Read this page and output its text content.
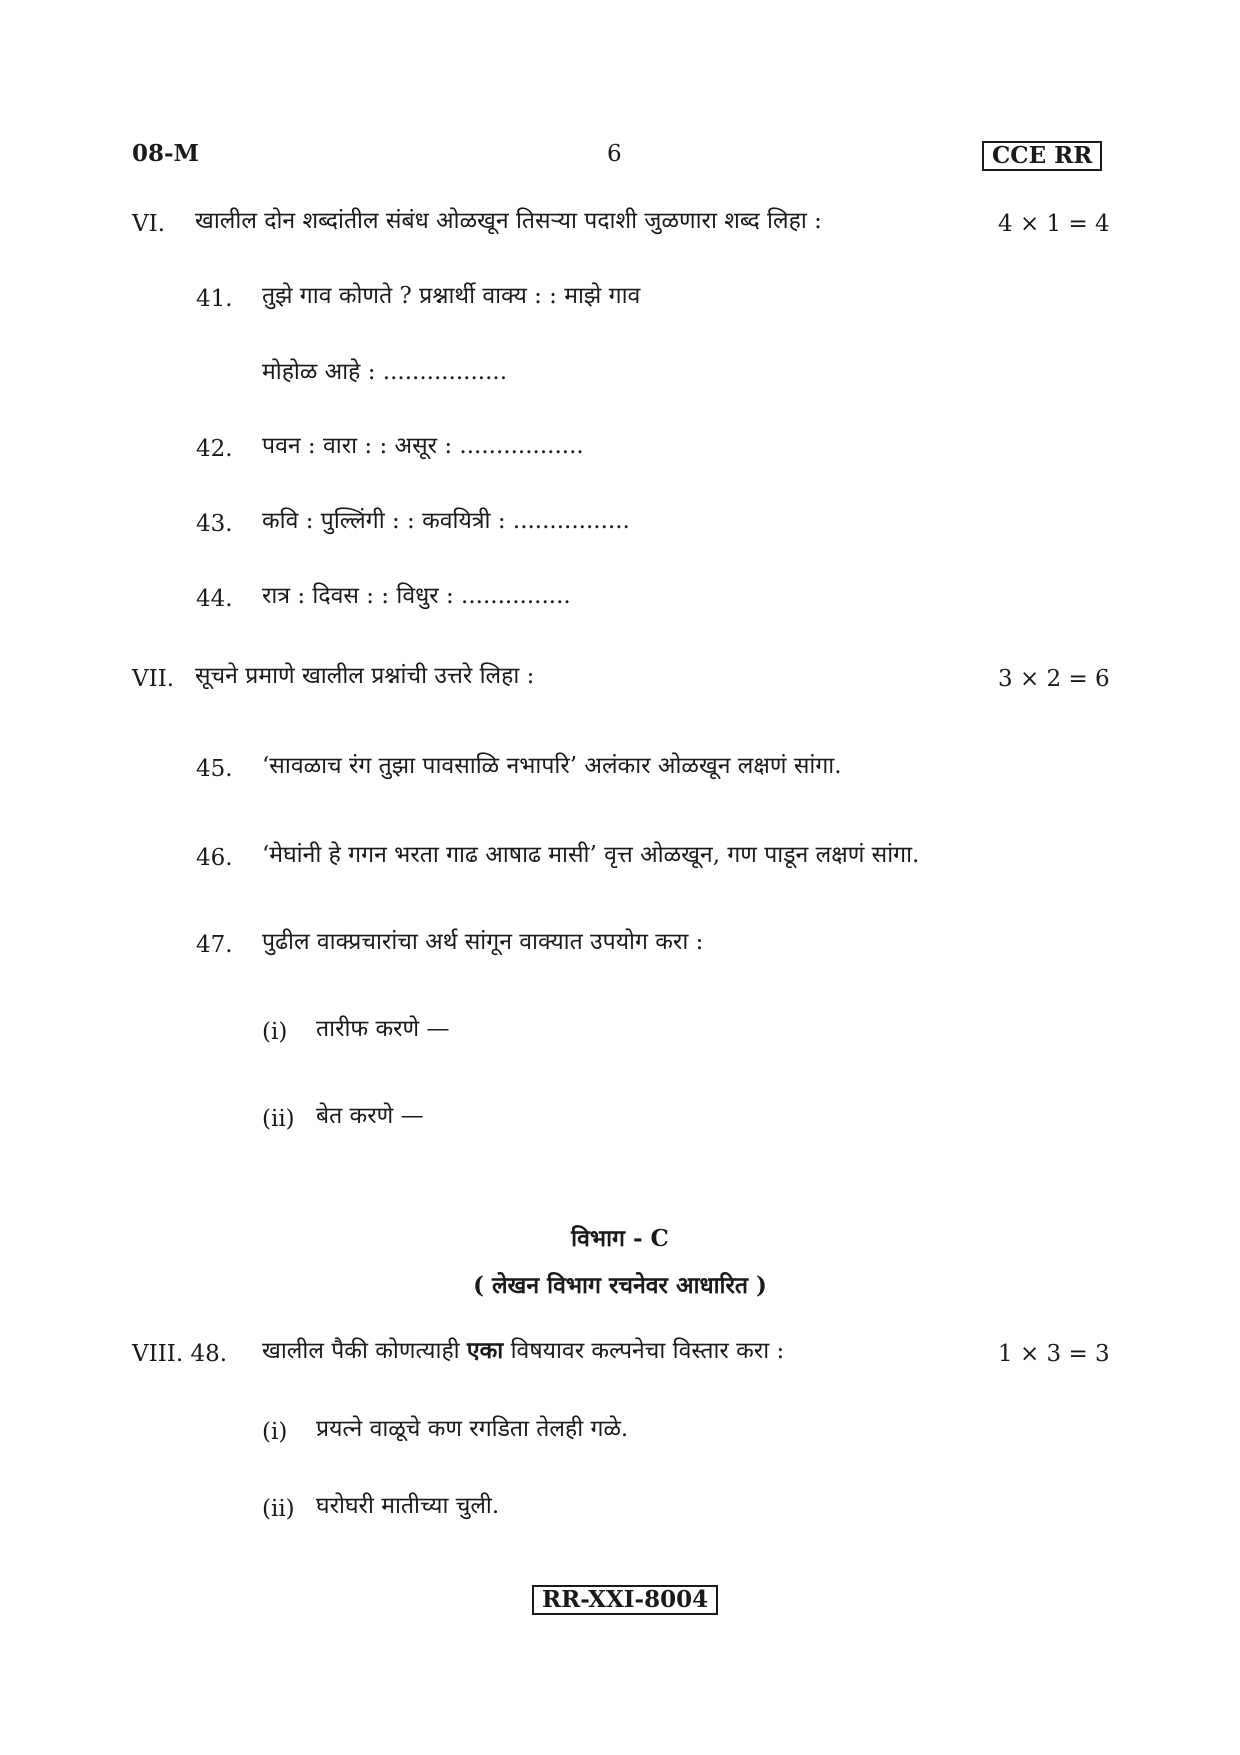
08-M	6	CCE RR
VI. खालील दोन शब्दांतील संबंध ओळखून तिसऱ्या पदाशी जुळणारा शब्द लिहा :	4 × 1 = 4
41. तुझे गाव कोणते ? प्रश्नार्थी वाक्य : : माझे गाव
मोहोळ आहे : .................
42. पवन : वारा : : असूर : .................
43. कवि : पुल्लिंगी : : कवयित्री : ................
44. रात्र : दिवस : : विधुर : ...............
VII. सूचने प्रमाणे खालील प्रश्नांची उत्तरे लिहा :	3 × 2 = 6
45. ‘सावळाच रंग तुझा पावसाळि नभापरि’ अलंकार ओळखून लक्षणं सांगा.
46. ‘मेघांनी हे गगन भरता गाढ आषाढ मासी’ वृत्त ओळखून, गण पाडून लक्षणं सांगा.
47. पुढील वाक्प्रचारांचा अर्थ सांगून वाक्यात उपयोग करा :
(i) तारीफ करणे —
(ii) बेत करणे —
विभाग - C
( लेखन विभाग रचनेवर आधारित )
VIII. 48. खालील पैकी कोणत्याही एका विषयावर कल्पनेचा विस्तार करा :	1 × 3 = 3
(i) प्रयत्ने वाळूचे कण रगडिता तेलही गळे.
(ii) घरोघरी मातीच्या चुली.
RR-XXI-8004
